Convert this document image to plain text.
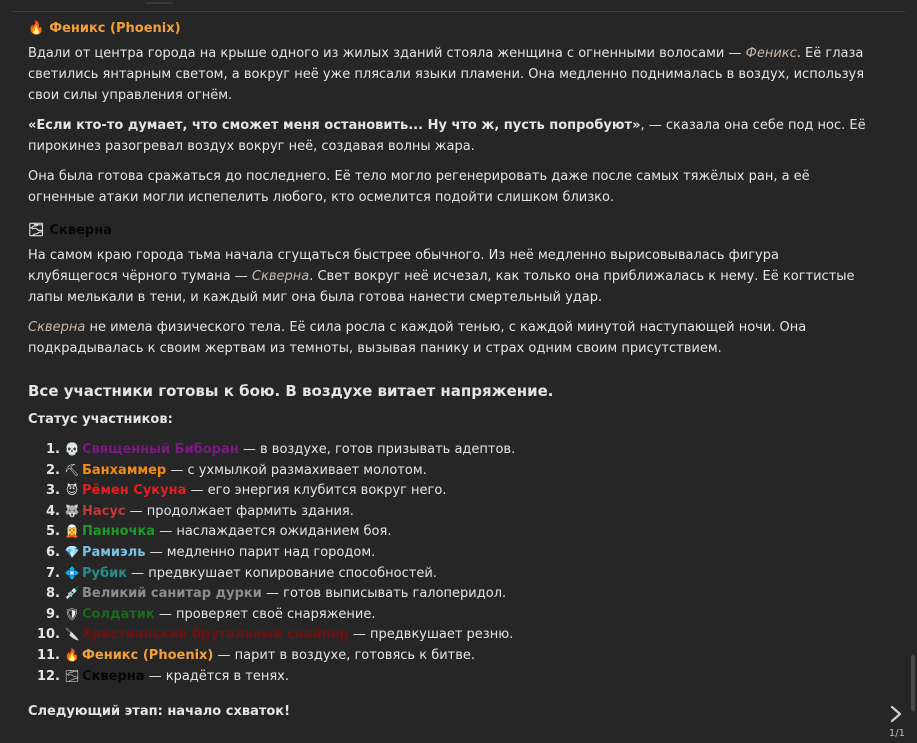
🔥 Феникс (Phoenix)

Вдали от центра города на крыше одного из жилых зданий стояла женщина с огненными волосами — Феникс. Её глаза светились янтарным светом, а вокруг неё уже плясали языки пламени. Она медленно поднималась в воздух, используя свои силы управления огнём.

«Если кто-то думает, что сможет меня остановить... Ну что ж, пусть попробуют», — сказала она себе под нос. Её пирокинез разогревал воздух вокруг неё, создавая волны жара.

Она была готова сражаться до последнего. Её тело могло регенерировать даже после самых тяжёлых ран, а её огненные атаки могли испепелить любого, кто осмелится подойти слишком близко.

🌫 Скверна

На самом краю города тьма начала сгущаться быстрее обычного. Из неё медленно вырисовывалась фигура клубящегося чёрного тумана — Скверна. Свет вокруг неё исчезал, как только она приближалась к нему. Её когтистые лапы мелькали в тени, и каждый миг она была готова нанести смертельный удар.

Скверна не имела физического тела. Её сила росла с каждой тенью, с каждой минутой наступающей ночи. Она подкрадывалась к своим жертвам из темноты, вызывая панику и страх одним своим присутствием.

Все участники готовы к бою. В воздухе витает напряжение.
Статус участников:
1. 💀 Священный Биборан — в воздухе, готов призывать адептов.
2. ⛏ Банхаммер — с ухмылкой размахивает молотом.
3. 😈 Рёмен Сукуна — его энергия клубится вокруг него.
4. 🐺 Насус — продолжает фармить здания.
5. 🧝 Панночка — наслаждается ожиданием боя.
6. 💎 Рамиэль — медленно парит над городом.
7. 💠 Рубик — предвкушает копирование способностей.
8. 💉 Великий санитар дурки — готов выписывать галоперидол.
9. 🛡 Солдатик — проверяет своё снаряжение.
10. 🔪 Христианский брутальный снайпер — предвкушает резню.
11. 🔥 Феникс (Phoenix) — парит в воздухе, готовясь к битве.
12. 🌫 Скверна — крадётся в тенях.
Следующий этап: начало схваток!
1/1
